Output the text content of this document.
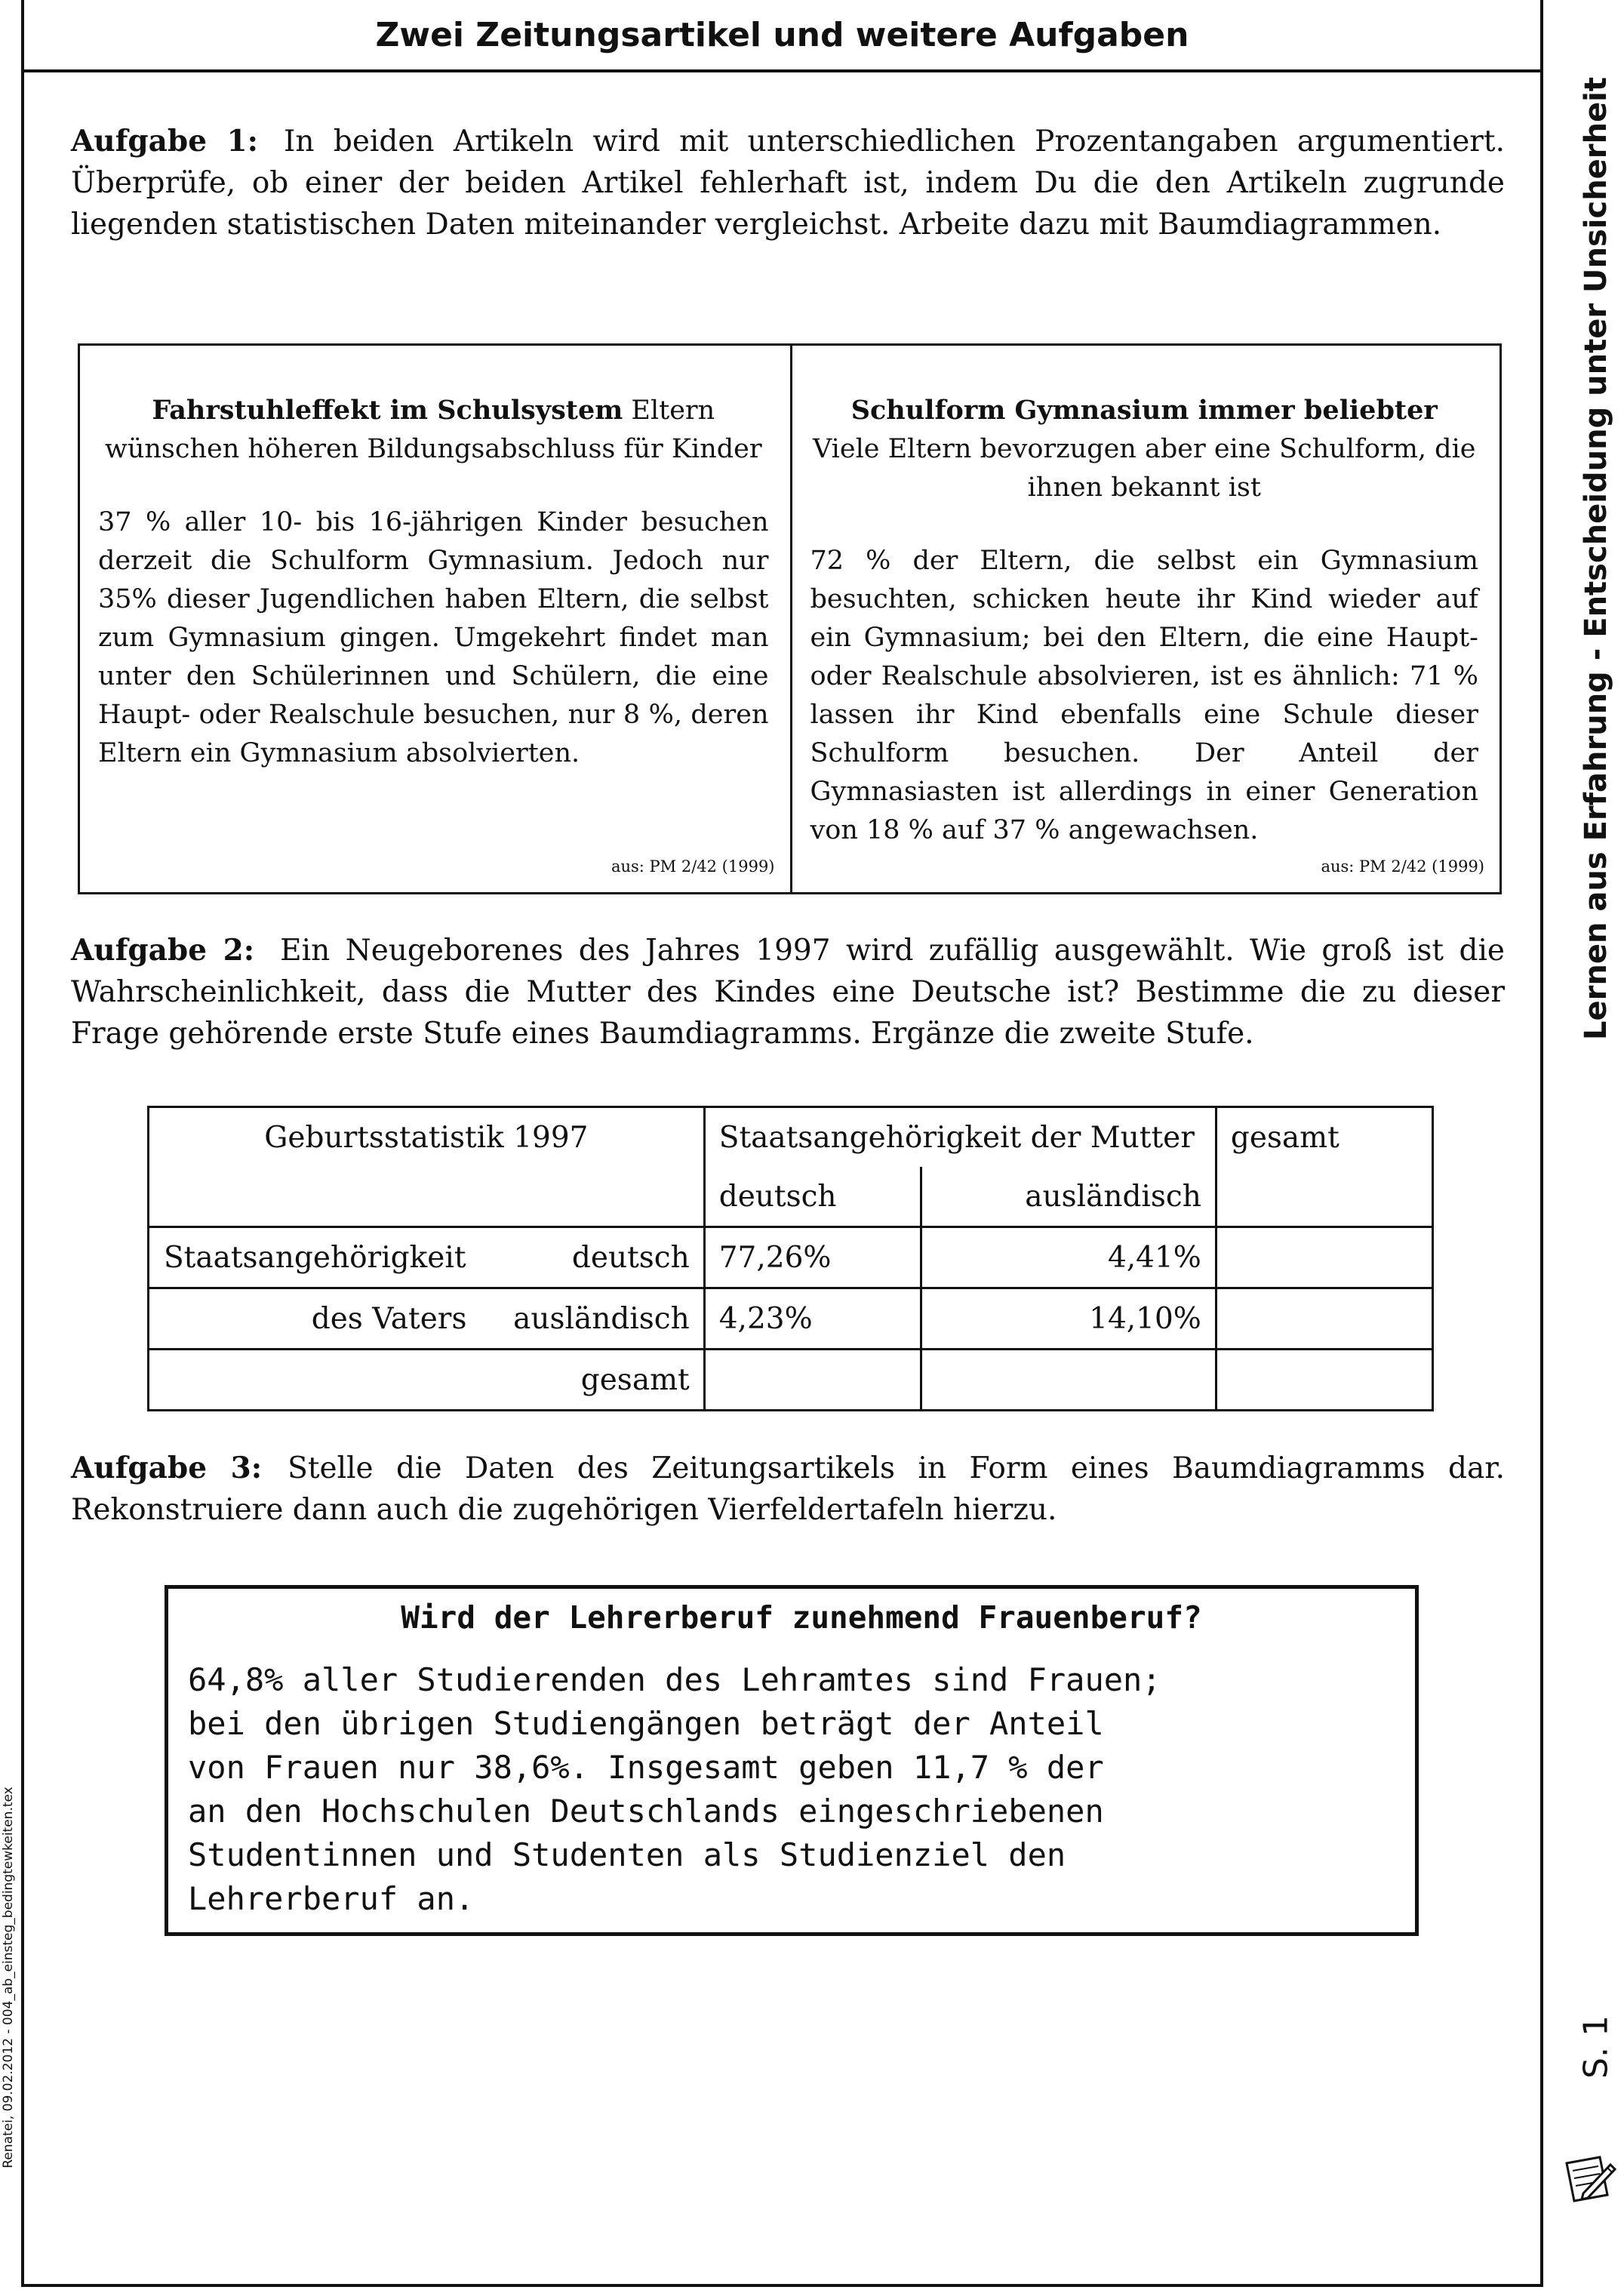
Zwei Zeitungsartikel und weitere Aufgaben
Lernen aus Erfahrung - Entscheidung unter Unsicherheit
S. 1
Renatei, 09.02.2012 - 004_ab_einsteg_bedingtewkeiten.tex
Aufgabe 1: In beiden Artikeln wird mit unterschiedlichen Prozentangaben argumentiert. Überprüfe, ob einer der beiden Artikel fehlerhaft ist, indem Du die den Artikeln zugrunde liegenden statistischen Daten miteinander vergleichst. Arbeite dazu mit Baumdiagrammen.
Fahrstuhleffekt im Schulsystem Eltern wünschen höheren Bildungsabschluss für Kinder
37 % aller 10- bis 16-jährigen Kinder besuchen derzeit die Schulform Gymnasium. Jedoch nur 35% dieser Jugendlichen haben Eltern, die selbst zum Gymnasium gingen. Umgekehrt findet man unter den Schülerinnen und Schülern, die eine Haupt- oder Realschule besuchen, nur 8 %, deren Eltern ein Gymnasium absolvierten.
aus: PM 2/42 (1999)
Schulform Gymnasium immer beliebter
Viele Eltern bevorzugen aber eine Schulform, die ihnen bekannt ist
72 % der Eltern, die selbst ein Gymnasium besuchten, schicken heute ihr Kind wieder auf ein Gymnasium; bei den Eltern, die eine Haupt- oder Realschule absolvieren, ist es ähnlich: 71 % lassen ihr Kind ebenfalls eine Schule dieser Schulform besuchen. Der Anteil der Gymnasiasten ist allerdings in einer Generation von 18 % auf 37 % angewachsen.
aus: PM 2/42 (1999)
Aufgabe 2: Ein Neugeborenes des Jahres 1997 wird zufällig ausgewählt. Wie groß ist die Wahrscheinlichkeit, dass die Mutter des Kindes eine Deutsche ist? Bestimme die zu dieser Frage gehörende erste Stufe eines Baumdiagramms. Ergänze die zweite Stufe.
Geburtsstatistik 1997		Staatsangehörigkeit der Mutter		gesamt
		deutsch	ausländisch	
Staatsangehörigkeit	deutsch	77,26%	4,41%	
des Vaters	ausländisch	4,23%	14,10%	
	gesamt			
Aufgabe 3: Stelle die Daten des Zeitungsartikels in Form eines Baumdiagramms dar. Rekonstruiere dann auch die zugehörigen Vierfeldertafeln hierzu.
Wird der Lehrerberuf zunehmend Frauenberuf?
64,8% aller Studierenden des Lehramtes sind Frauen;
bei den übrigen Studiengängen beträgt der Anteil
von Frauen nur 38,6%. Insgesamt geben 11,7 % der
an den Hochschulen Deutschlands eingeschriebenen
Studentinnen und Studenten als Studienziel den
Lehrerberuf an.
